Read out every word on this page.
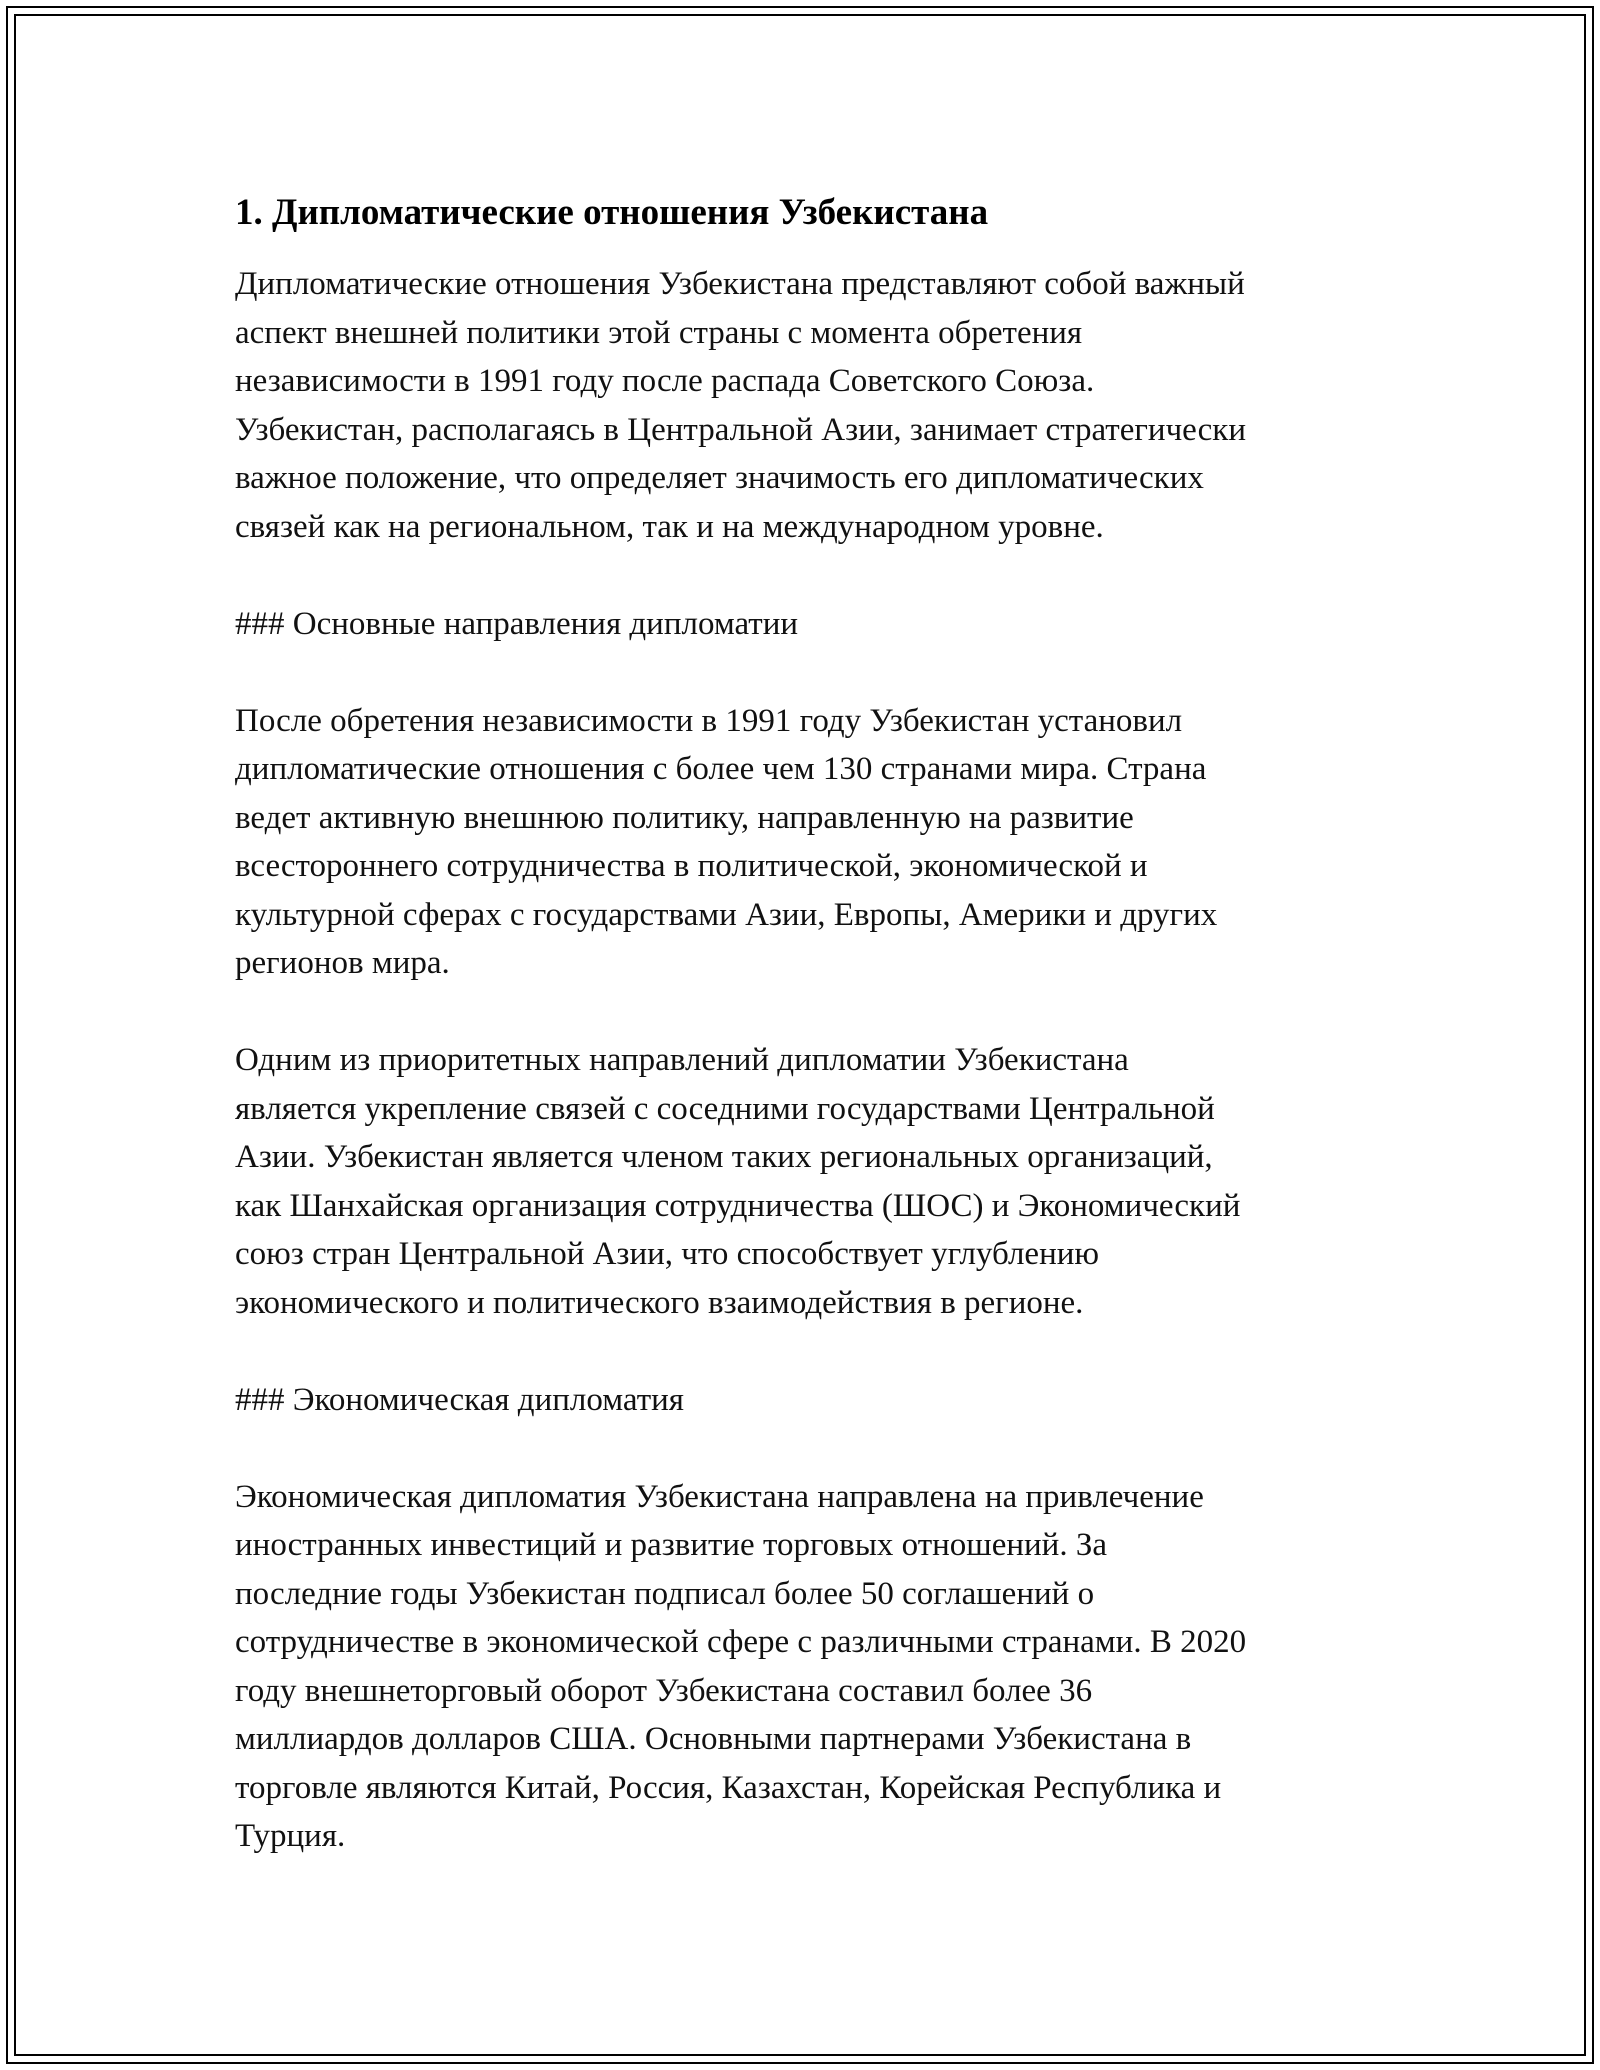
1. Дипломатические отношения Узбекистана

Дипломатические отношения Узбекистана представляют собой важный
аспект внешней политики этой страны с момента обретения
независимости в 1991 году после распада Советского Союза.
Узбекистан, располагаясь в Центральной Азии, занимает стратегически
важное положение, что определяет значимость его дипломатических
связей как на региональном, так и на международном уровне.

### Основные направления дипломатии

После обретения независимости в 1991 году Узбекистан установил
дипломатические отношения с более чем 130 странами мира. Страна
ведет активную внешнюю политику, направленную на развитие
всестороннего сотрудничества в политической, экономической и
культурной сферах с государствами Азии, Европы, Америки и других
регионов мира.

Одним из приоритетных направлений дипломатии Узбекистана
является укрепление связей с соседними государствами Центральной
Азии. Узбекистан является членом таких региональных организаций,
как Шанхайская организация сотрудничества (ШОС) и Экономический
союз стран Центральной Азии, что способствует углублению
экономического и политического взаимодействия в регионе.

### Экономическая дипломатия

Экономическая дипломатия Узбекистана направлена на привлечение
иностранных инвестиций и развитие торговых отношений. За
последние годы Узбекистан подписал более 50 соглашений о
сотрудничестве в экономической сфере с различными странами. В 2020
году внешнеторговый оборот Узбекистана составил более 36
миллиардов долларов США. Основными партнерами Узбекистана в
торговле являются Китай, Россия, Казахстан, Корейская Республика и
Турция.
